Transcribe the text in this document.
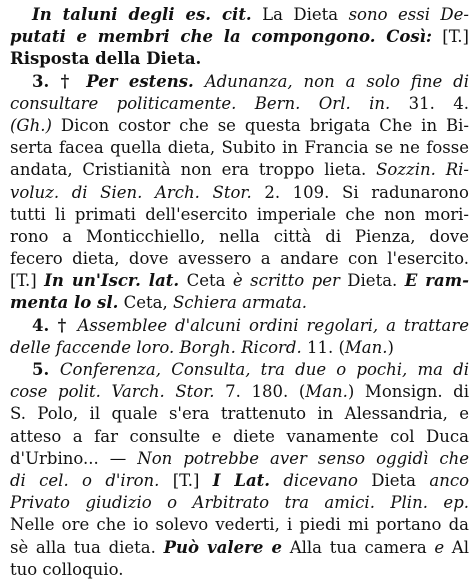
In taluni degli es. cit. La Dieta sono essi De-
putati e membri che la compongono. Così: [T.]
Risposta della Dieta.
3. † Per estens. Adunanza, non a solo fine di
consultare politicamente. Bern. Orl. in. 31. 4.
(Gh.) Dicon costor che se questa brigata Che in Bi-
serta facea quella dieta, Subito in Francia se ne fosse
andata, Cristianità non era troppo lieta. Sozzin. Ri-
voluz. di Sien. Arch. Stor. 2. 109. Si radunarono
tutti li primati dell'esercito imperiale che non mori-
rono a Monticchiello, nella città di Pienza, dove
fecero dieta, dove avessero a andare con l'esercito.
[T.] In un'Iscr. lat. Ceta è scritto per Dieta. E ram-
menta lo sl. Ceta, Schiera armata.
4. † Assemblee d'alcuni ordini regolari, a trattare
delle faccende loro. Borgh. Ricord. 11. (Man.)
5. Conferenza, Consulta, tra due o pochi, ma di
cose polit. Varch. Stor. 7. 180. (Man.) Monsign. di
S. Polo, il quale s'era trattenuto in Alessandria, e
atteso a far consulte e diete vanamente col Duca
d'Urbino... — Non potrebbe aver senso oggidì che
di cel. o d'iron. [T.] I Lat. dicevano Dieta anco
Privato giudizio o Arbitrato tra amici. Plin. ep.
Nelle ore che io solevo vederti, i piedi mi portano da
sè alla tua dieta. Può valere e Alla tua camera e Al
tuo colloquio.
